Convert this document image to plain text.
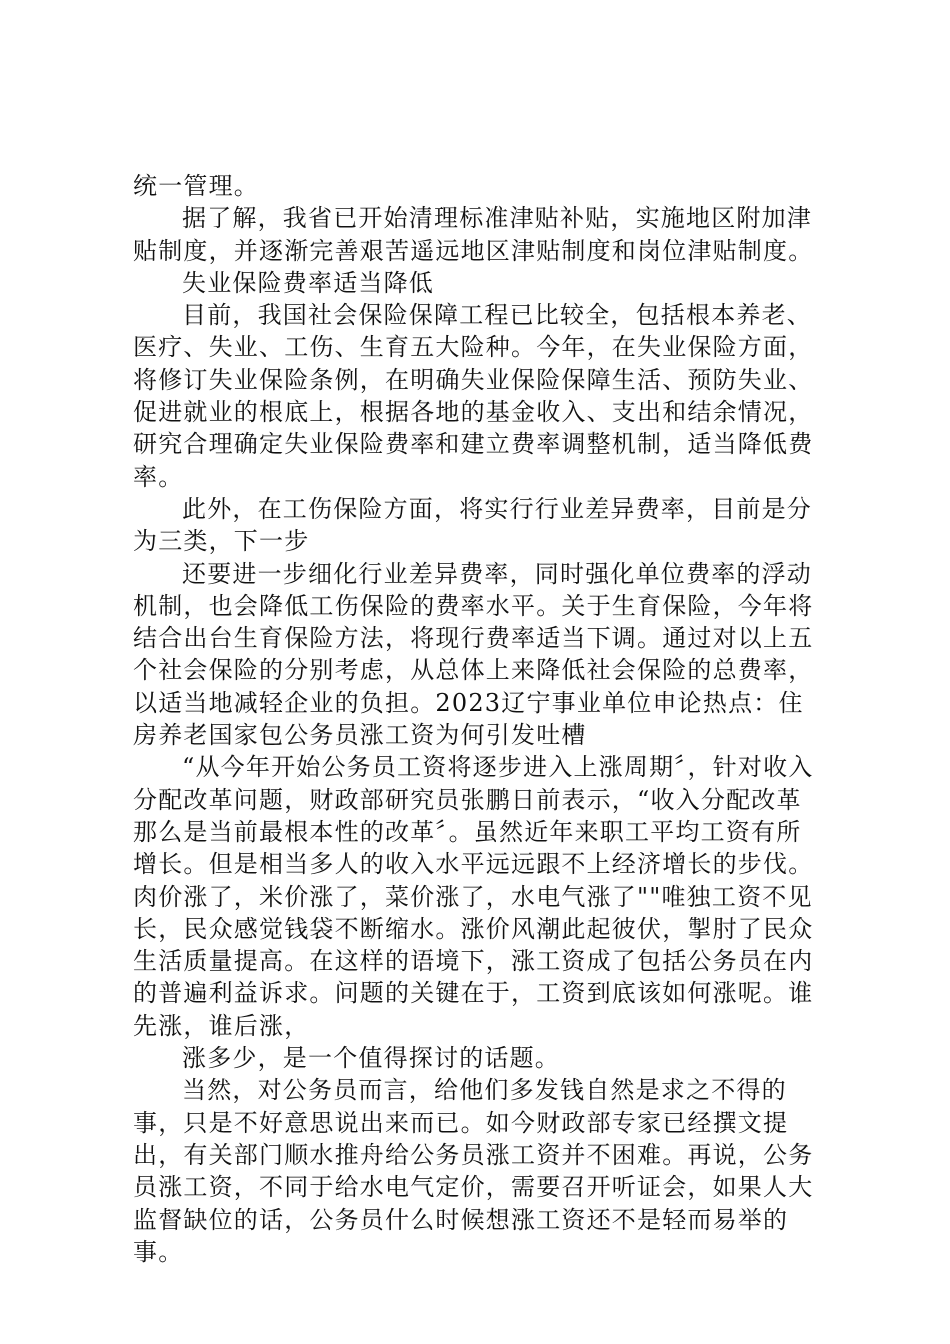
统一管理。

据了解，我省已开始清理标准津贴补贴，实施地区附加津贴制度，并逐渐完善艰苦遥远地区津贴制度和岗位津贴制度。

失业保险费率适当降低

目前，我国社会保险保障工程已比较全，包括根本养老、医疗、失业、工伤、生育五大险种。今年，在失业保险方面，将修订失业保险条例，在明确失业保险保障生活、预防失业、促进就业的根底上，根据各地的基金收入、支出和结余情况，研究合理确定失业保险费率和建立费率调整机制，适当降低费率。

此外，在工伤保险方面，将实行行业差异费率，目前是分为三类，下一步

还要进一步细化行业差异费率，同时强化单位费率的浮动机制，也会降低工伤保险的费率水平。关于生育保险，今年将结合出台生育保险方法，将现行费率适当下调。通过对以上五个社会保险的分别考虑，从总体上来降低社会保险的总费率，以适当地减轻企业的负担。2023辽宁事业单位申论热点：住房养老国家包公务员涨工资为何引发吐槽

“从今年开始公务员工资将逐步进入上涨周期〞，针对收入分配改革问题，财政部研究员张鹏日前表示，“收入分配改革那么是当前最根本性的改革〞。虽然近年来职工平均工资有所增长。但是相当多人的收入水平远远跟不上经济增长的步伐。肉价涨了，米价涨了，菜价涨了，水电气涨了""唯独工资不见长，民众感觉钱袋不断缩水。涨价风潮此起彼伏，掣肘了民众生活质量提高。在这样的语境下，涨工资成了包括公务员在内的普遍利益诉求。问题的关键在于，工资到底该如何涨呢。谁先涨，谁后涨，

涨多少，是一个值得探讨的话题。

当然，对公务员而言，给他们多发钱自然是求之不得的事，只是不好意思说出来而已。如今财政部专家已经撰文提出，有关部门顺水推舟给公务员涨工资并不困难。再说，公务员涨工资，不同于给水电气定价，需要召开听证会，如果人大监督缺位的话，公务员什么时候想涨工资还不是轻而易举的事。
